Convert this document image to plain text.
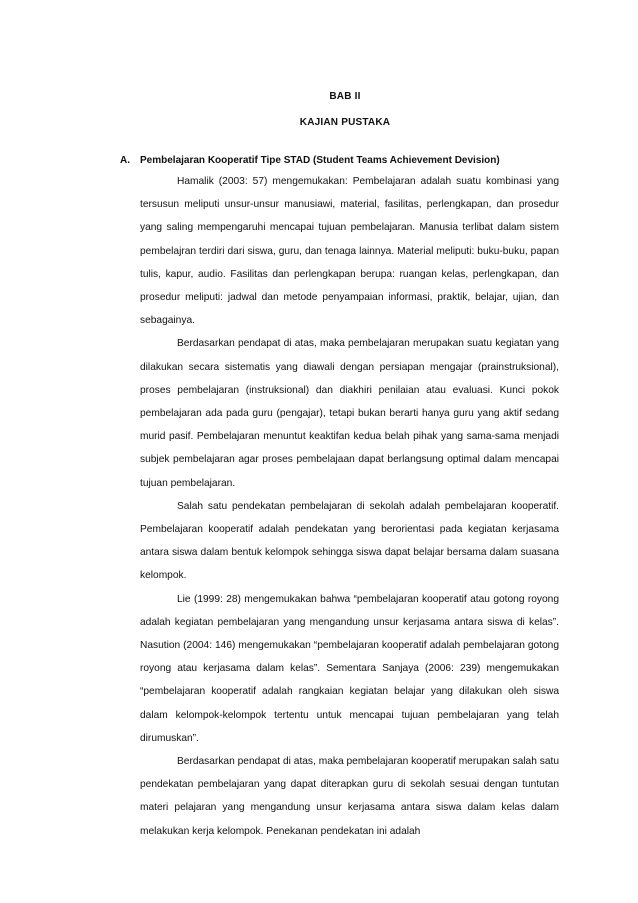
BAB II
KAJIAN PUSTAKA
A. Pembelajaran Kooperatif Tipe STAD (Student Teams Achievement Devision)

Hamalik (2003: 57) mengemukakan: Pembelajaran adalah suatu kombinasi yang tersusun meliputi unsur-unsur manusiawi, material, fasilitas, perlengkapan, dan prosedur yang saling mempengaruhi mencapai tujuan pembelajaran. Manusia terlibat dalam sistem pembelajran terdiri dari siswa, guru, dan tenaga lainnya. Material meliputi: buku-buku, papan tulis, kapur, audio. Fasilitas dan perlengkapan berupa: ruangan kelas, perlengkapan, dan prosedur meliputi: jadwal dan metode penyampaian informasi, praktik, belajar, ujian, dan sebagainya.

Berdasarkan pendapat di atas, maka pembelajaran merupakan suatu kegiatan yang dilakukan secara sistematis yang diawali dengan persiapan mengajar (prainstruksional), proses pembelajaran (instruksional) dan diakhiri penilaian atau evaluasi. Kunci pokok pembelajaran ada pada guru (pengajar), tetapi bukan berarti hanya guru yang aktif sedang murid pasif. Pembelajaran menuntut keaktifan kedua belah pihak yang sama-sama menjadi subjek pembelajaran agar proses pembelajaan dapat berlangsung optimal dalam mencapai tujuan pembelajaran.

Salah satu pendekatan pembelajaran di sekolah adalah pembelajaran kooperatif. Pembelajaran kooperatif adalah pendekatan yang berorientasi pada kegiatan kerjasama antara siswa dalam bentuk kelompok sehingga siswa dapat belajar bersama dalam suasana kelompok.

Lie (1999: 28) mengemukakan bahwa “pembelajaran kooperatif atau gotong royong adalah kegiatan pembelajaran yang mengandung unsur kerjasama antara siswa di kelas”. Nasution (2004: 146) mengemukakan “pembelajaran kooperatif adalah pembelajaran gotong royong atau kerjasama dalam kelas”. Sementara Sanjaya (2006: 239) mengemukakan “pembelajaran kooperatif adalah rangkaian kegiatan belajar yang dilakukan oleh siswa dalam kelompok-kelompok tertentu untuk mencapai tujuan pembelajaran yang telah dirumuskan”.

Berdasarkan pendapat di atas, maka pembelajaran kooperatif merupakan salah satu pendekatan pembelajaran yang dapat diterapkan guru di sekolah sesuai dengan tuntutan materi pelajaran yang mengandung unsur kerjasama antara siswa dalam kelas dalam melakukan kerja kelompok. Penekanan pendekatan ini adalah
